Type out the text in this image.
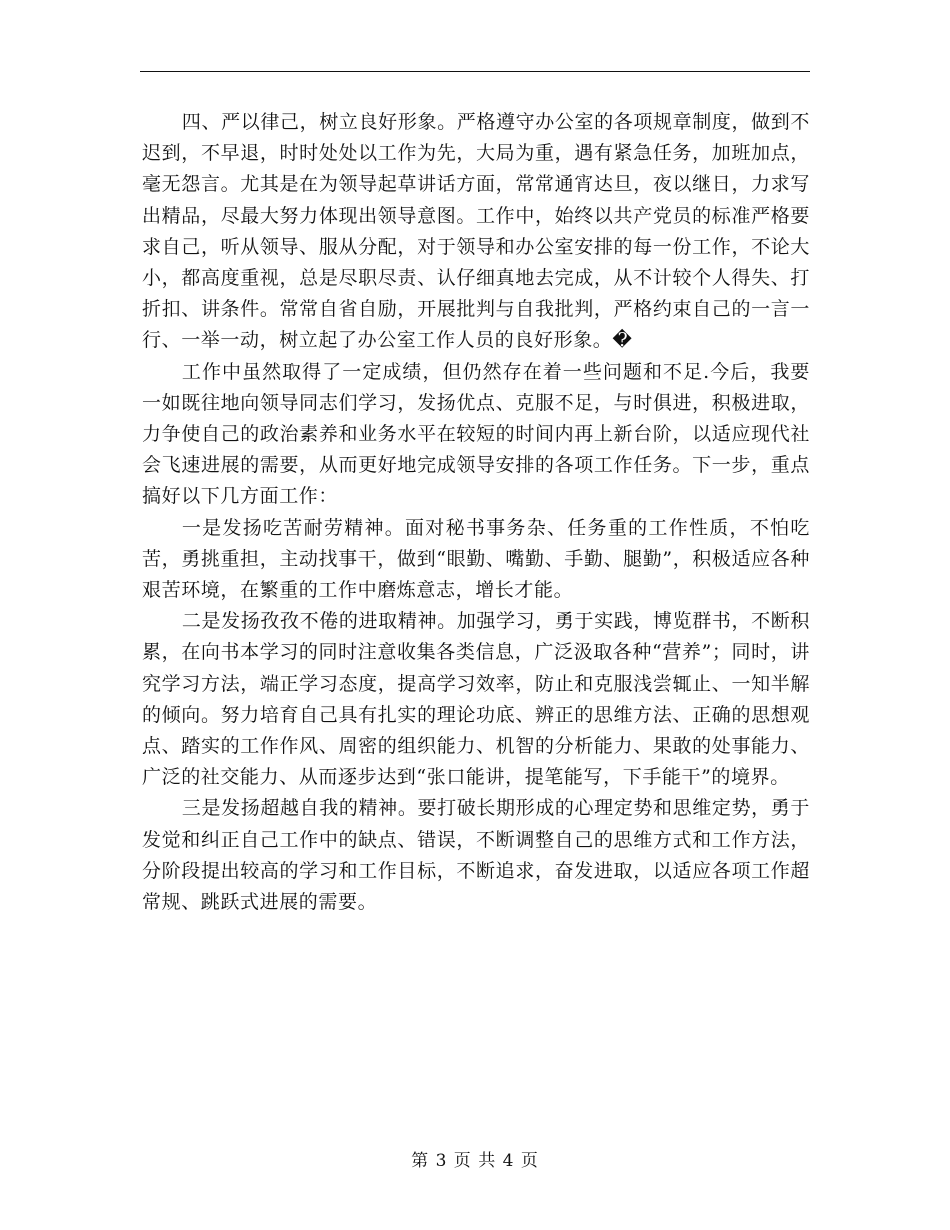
四、严以律己，树立良好形象。严格遵守办公室的各项规章制度，做到不迟到，不早退，时时处处以工作为先，大局为重，遇有紧急任务，加班加点，毫无怨言。尤其是在为领导起草讲话方面，常常通宵达旦，夜以继日，力求写出精品，尽最大努力体现出领导意图。工作中，始终以共产党员的标准严格要求自己，听从领导、服从分配，对于领导和办公室安排的每一份工作，不论大小，都高度重视，总是尽职尽责、认仔细真地去完成，从不计较个人得失、打折扣、讲条件。常常自省自励，开展批判与自我批判，严格约束自己的一言一行、一举一动，树立起了办公室工作人员的良好形象。�

工作中虽然取得了一定成绩，但仍然存在着一些问题和不足.今后，我要一如既往地向领导同志们学习，发扬优点、克服不足，与时俱进，积极进取，力争使自己的政治素养和业务水平在较短的时间内再上新台阶，以适应现代社会飞速进展的需要，从而更好地完成领导安排的各项工作任务。下一步，重点搞好以下几方面工作：

一是发扬吃苦耐劳精神。面对秘书事务杂、任务重的工作性质，不怕吃苦，勇挑重担，主动找事干，做到“眼勤、嘴勤、手勤、腿勤”，积极适应各种艰苦环境，在繁重的工作中磨炼意志，增长才能。

二是发扬孜孜不倦的进取精神。加强学习，勇于实践，博览群书，不断积累，在向书本学习的同时注意收集各类信息，广泛汲取各种“营养”；同时，讲究学习方法，端正学习态度，提高学习效率，防止和克服浅尝辄止、一知半解的倾向。努力培育自己具有扎实的理论功底、辨正的思维方法、正确的思想观点、踏实的工作作风、周密的组织能力、机智的分析能力、果敢的处事能力、广泛的社交能力、从而逐步达到“张口能讲，提笔能写，下手能干”的境界。

三是发扬超越自我的精神。要打破长期形成的心理定势和思维定势，勇于发觉和纠正自己工作中的缺点、错误，不断调整自己的思维方式和工作方法，分阶段提出较高的学习和工作目标，不断追求，奋发进取，以适应各项工作超常规、跳跃式进展的需要。

第 3 页 共 4 页
